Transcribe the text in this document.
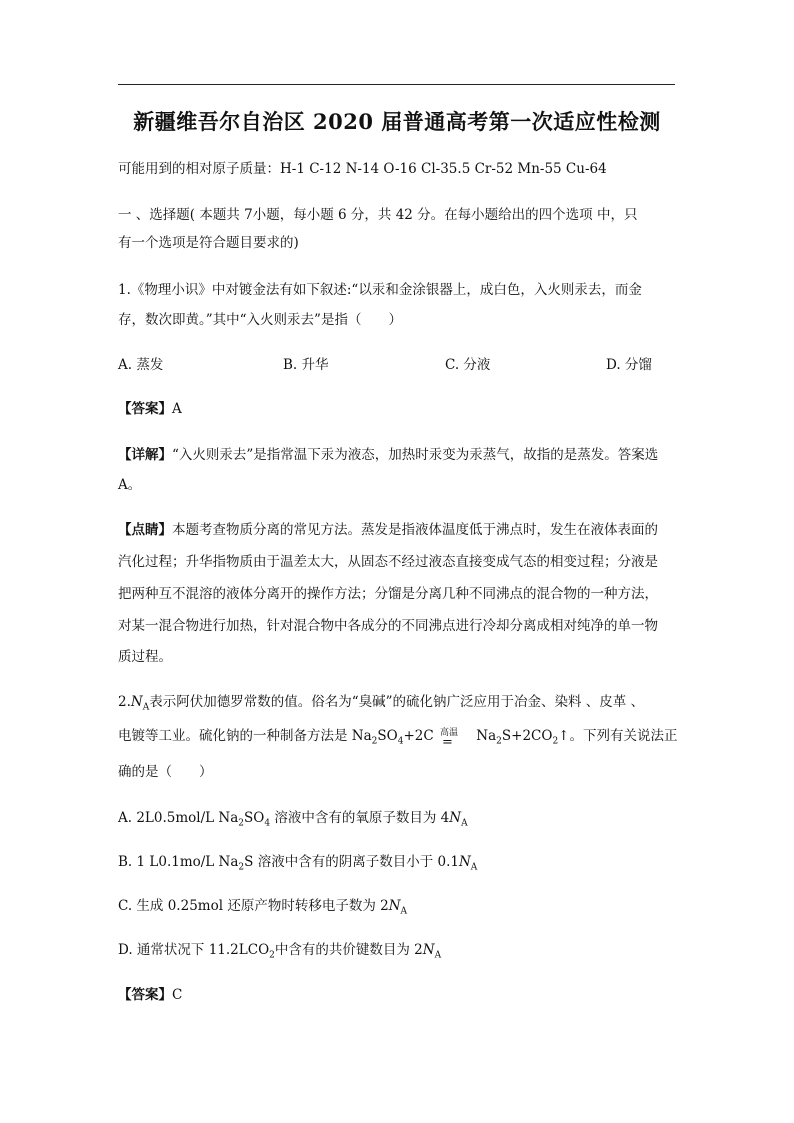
新疆维吾尔自治区 2020 届普通高考第一次适应性检测
可能用到的相对原子质量：H-1 C-12 N-14 O-16 Cl-35.5 Cr-52 Mn-55 Cu-64
一 、选择题( 本题共 7小题，每小题 6 分，共 42 分。在每小题给出的四个选项 中，只
有一个选项是符合题目要求的)
1.《物理小识》中对镀金法有如下叙述:“以汞和金涂银器上，成白色，入火则汞去，而金
存，数次即黄。”其中“入火则汞去”是指（　　）
A. 蒸发	B. 升华	C. 分液	D. 分馏
【答案】A
【详解】“入火则汞去”是指常温下汞为液态，加热时汞变为汞蒸气，故指的是蒸发。答案选
A。
【点睛】本题考查物质分离的常见方法。蒸发是指液体温度低于沸点时，发生在液体表面的
汽化过程；升华指物质由于温差太大，从固态不经过液态直接变成气态的相变过程；分液是
把两种互不混溶的液体分离开的操作方法；分馏是分离几种不同沸点的混合物的一种方法，
对某一混合物进行加热，针对混合物中各成分的不同沸点进行冷却分离成相对纯净的单一物
质过程。
$2.N_A$表示阿伏加德罗常数的值。俗名为“臭碱”的硫化钠广泛应用于冶金、染料 、皮革 、
电镀等工业。硫化钠的一种制备方法是 $Na_2SO_4+2C$ 高温
= $Na_2S+2CO_2↑$。下列有关说法正
确的是（　　）
A. 2L0.5mol/L $Na_2SO_4$ 溶液中含有的氧原子数目为 $4N_A$
B. 1 L0.1mo/L $Na_2S$ 溶液中含有的阴离子数目小于 $0.1N_A$
C. 生成 0.25mol 还原产物时转移电子数为 $2N_A$
D. 通常状况下 $11.2LCO_2$中含有的共价键数目为 $2N_A$
【答案】C
